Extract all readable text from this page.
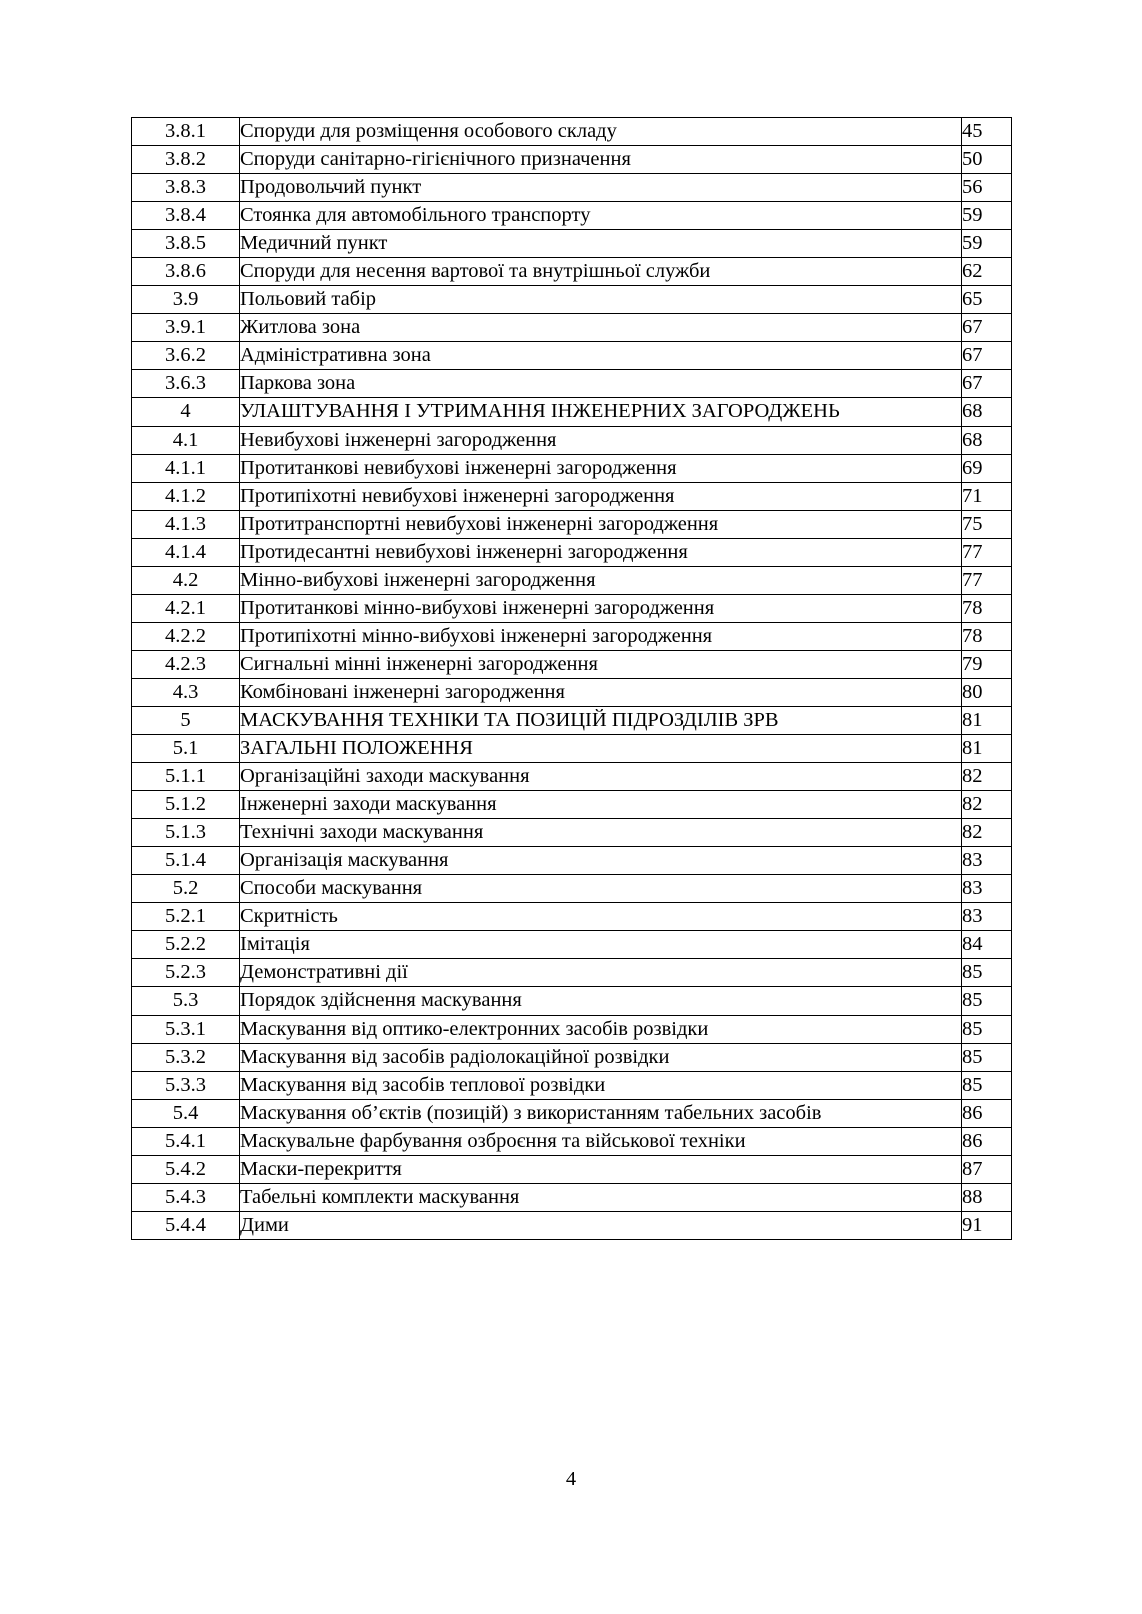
3.8.1	Споруди для розміщення особового складу	45
3.8.2	Споруди санітарно-гігієнічного призначення	50
3.8.3	Продовольчий пункт	56
3.8.4	Стоянка для автомобільного транспорту	59
3.8.5	Медичний пункт	59
3.8.6	Споруди для несення вартової та внутрішньої служби	62
3.9	Польовий табір	65
3.9.1	Житлова зона	67
3.6.2	Адміністративна зона	67
3.6.3	Паркова зона	67
4	УЛАШТУВАННЯ І УТРИМАННЯ ІНЖЕНЕРНИХ ЗАГОРОДЖЕНЬ	68
4.1	Невибухові інженерні загородження	68
4.1.1	Протитанкові невибухові інженерні загородження	69
4.1.2	Протипіхотні невибухові інженерні загородження	71
4.1.3	Протитранспортні невибухові інженерні загородження	75
4.1.4	Протидесантні невибухові інженерні загородження	77
4.2	Мінно-вибухові інженерні загородження	77
4.2.1	Протитанкові мінно-вибухові інженерні загородження	78
4.2.2	Протипіхотні мінно-вибухові інженерні загородження	78
4.2.3	Сигнальні мінні інженерні загородження	79
4.3	Комбіновані інженерні загородження	80
5	МАСКУВАННЯ ТЕХНІКИ ТА ПОЗИЦІЙ ПІДРОЗДІЛІВ ЗРВ	81
5.1	ЗАГАЛЬНІ ПОЛОЖЕННЯ	81
5.1.1	Організаційні заходи маскування	82
5.1.2	Інженерні заходи маскування	82
5.1.3	Технічні заходи маскування	82
5.1.4	Організація маскування	83
5.2	Способи маскування	83
5.2.1	Скритність	83
5.2.2	Імітація	84
5.2.3	Демонстративні дії	85
5.3	Порядок здійснення маскування	85
5.3.1	Маскування від оптико-електронних засобів розвідки	85
5.3.2	Маскування від засобів радіолокаційної розвідки	85
5.3.3	Маскування від засобів теплової розвідки	85
5.4	Маскування об’єктів (позицій) з використанням табельних засобів	86
5.4.1	Маскувальне фарбування озброєння та військової техніки	86
5.4.2	Маски-перекриття	87
5.4.3	Табельні комплекти маскування	88
5.4.4	Дими	91
4
